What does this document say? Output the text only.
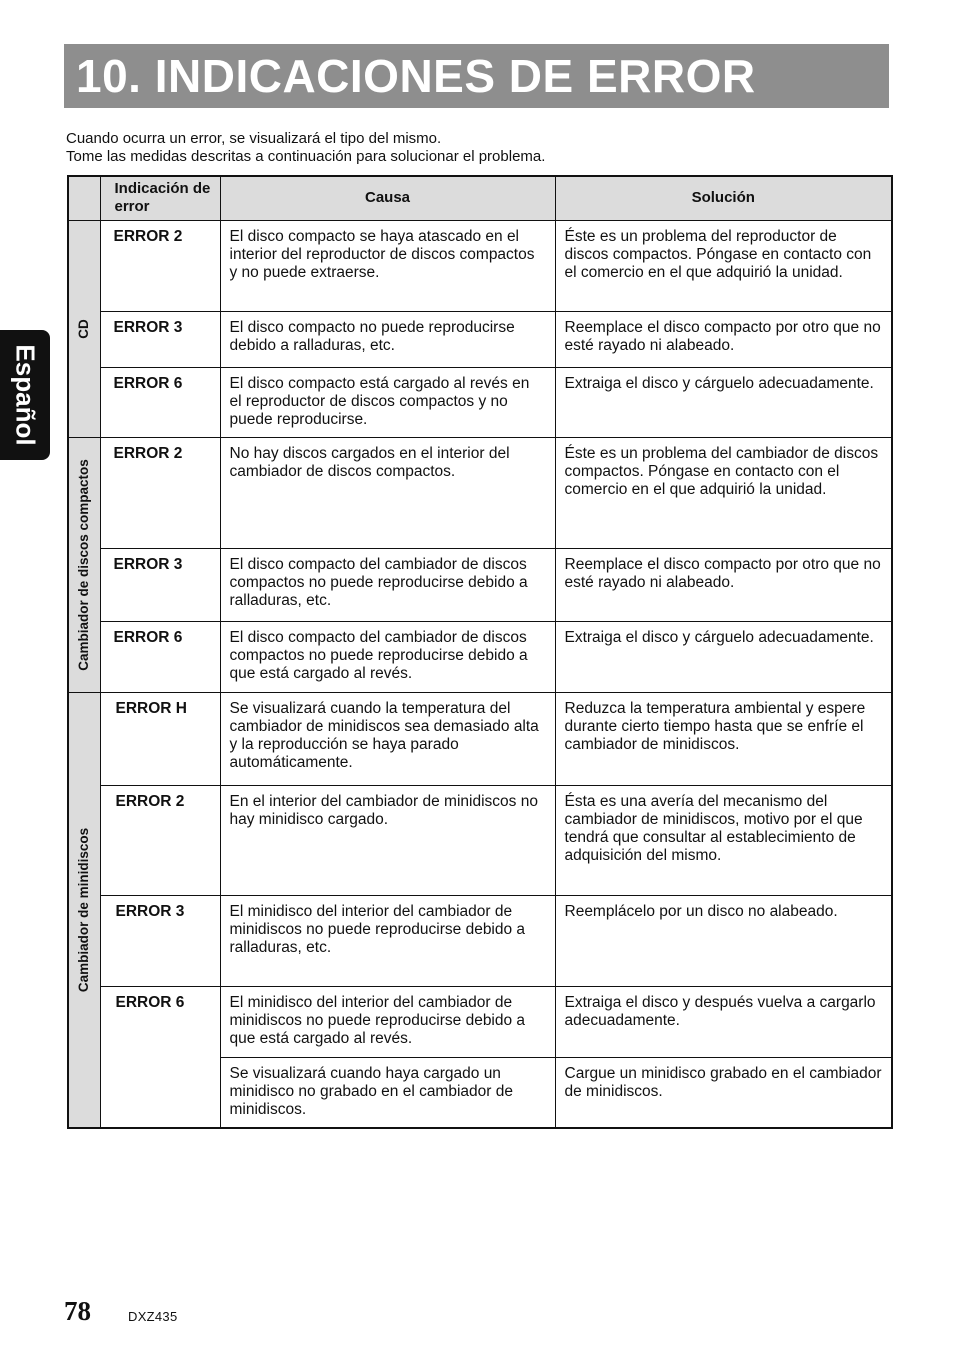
10. INDICACIONES DE ERROR

Cuando ocurra un error, se visualizará el tipo del mismo.

Tome las medidas descritas a continuación para solucionar el problema.

Español
	Indicación de error	Causa	Solución

CD	ERROR 2	El disco compacto se haya atascado en el interior del reproductor de discos compactos y no puede extraerse.	Éste es un problema del reproductor de discos compactos. Póngase en contacto con el comercio en el que adquirió la unidad.
	ERROR 3	El disco compacto no puede reproducirse debido a ralladuras, etc.	Reemplace el disco compacto por otro que no esté rayado ni alabeado.
	ERROR 6	El disco compacto está cargado al revés en el reproductor de discos compactos y no puede reproducirse.	Extraiga el disco y cárguelo adecuadamente.

Cambiador de discos compactos	ERROR 2	No hay discos cargados en el interior del cambiador de discos compactos.	Éste es un problema del cambiador de discos compactos. Póngase en contacto con el comercio en el que adquirió la unidad.
	ERROR 3	El disco compacto del cambiador de discos compactos no puede reproducirse debido a ralladuras, etc.	Reemplace el disco compacto por otro que no esté rayado ni alabeado.
	ERROR 6	El disco compacto del cambiador de discos compactos no puede reproducirse debido a que está cargado al revés.	Extraiga el disco y cárguelo adecuadamente.

Cambiador de minidiscos	ERROR H	Se visualizará cuando la temperatura del cambiador de minidiscos sea demasiado alta y la reproducción se haya parado automáticamente.	Reduzca la temperatura ambiental y espere durante cierto tiempo hasta que se enfríe el cambiador de minidiscos.
	ERROR 2	En el interior del cambiador de minidiscos no hay minidisco cargado.	Ésta es una avería del mecanismo del cambiador de minidiscos, motivo por el que tendrá que consultar al establecimiento de adquisición del mismo.
	ERROR 3	El minidisco del interior del cambiador de minidiscos no puede reproducirse debido a ralladuras, etc.	Reemplácelo por un disco no alabeado.
	ERROR 6	El minidisco del interior del cambiador de minidiscos no puede reproducirse debido a que está cargado al revés.	Extraiga el disco y después vuelva a cargarlo adecuadamente.
		Se visualizará cuando haya cargado un minidisco no grabado en el cambiador de minidiscos.	Cargue un minidisco grabado en el cambiador de minidiscos.
78	DXZ435
